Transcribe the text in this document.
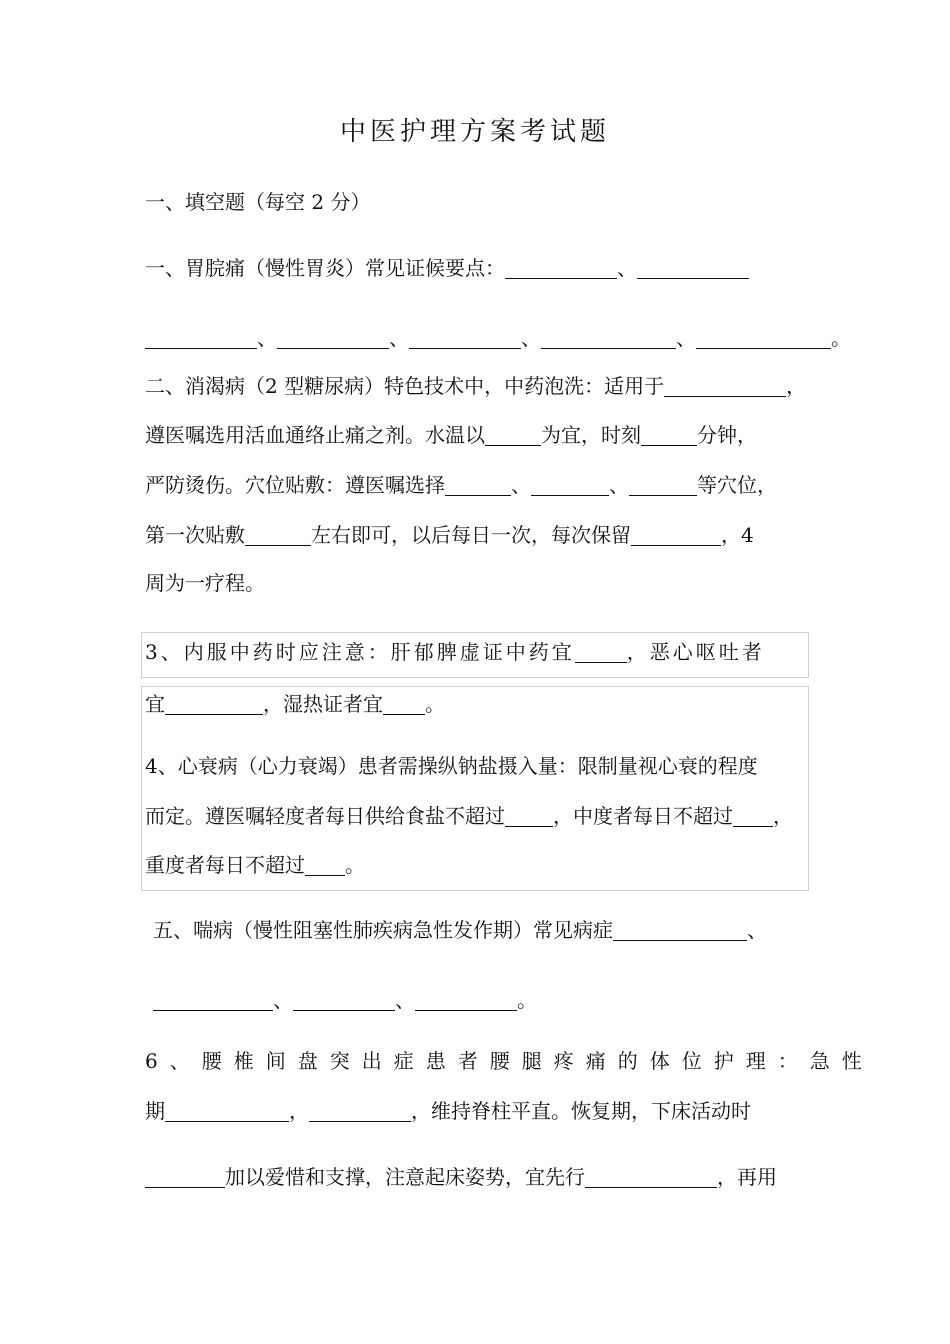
中医护理方案考试题
一、填空题（每空 2 分）
一、胃脘痛（慢性胃炎）常见证候要点：	、
、	、	、	、	。
二、消渴病（2 型糖尿病）特色技术中，中药泡洗：适用于	，
遵医嘱选用活血通络止痛之剂。水温以	为宜，时刻	分钟，
严防烫伤。穴位贴敷：遵医嘱选择	、	、	等穴位，
第一次贴敷	左右即可，以后每日一次，每次保留	，4
周为一疗程。
3、内服中药时应注意：肝郁脾虚证中药宜	，恶心呕吐者
宜	，湿热证者宜 。
4、心衰病（心力衰竭）患者需操纵钠盐摄入量：限制量视心衰的程度
而定。遵医嘱轻度者每日供给食盐不超过 ，中度者每日不超过 ，
重度者每日不超过 。
五、喘病（慢性阻塞性肺疾病急性发作期）常见病症	、
、	、	。
6、腰椎间盘突出症患者腰腿疼痛的体位护理：急性
期	，	，维持脊柱平直。恢复期，下床活动时
加以爱惜和支撑，注意起床姿势，宜先行	，再用
